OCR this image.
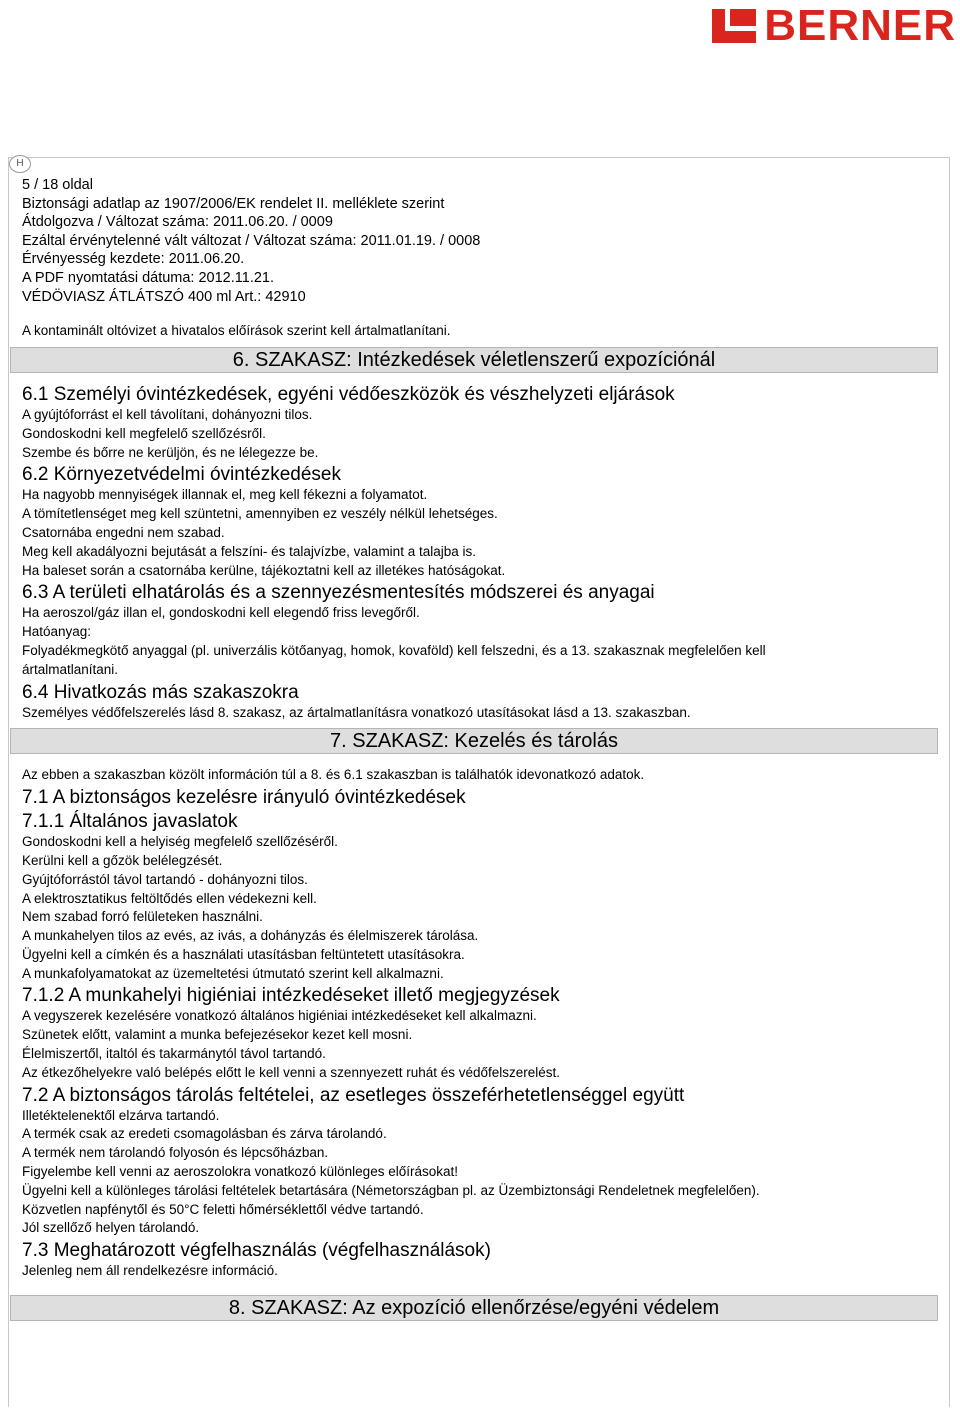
BERNER
H
5 / 18 oldal
Biztonsági adatlap az 1907/2006/EK rendelet II. melléklete szerint
Átdolgozva / Változat száma: 2011.06.20. / 0009
Ezáltal érvénytelenné vált változat / Változat száma: 2011.01.19. / 0008
Érvényesség kezdete: 2011.06.20.
A PDF nyomtatási dátuma: 2012.11.21.
VÉDÖVIASZ ÁTLÁTSZÓ 400 ml Art.: 42910
A kontaminált oltóvizet a hivatalos előírások szerint kell ártalmatlanítani.
6. SZAKASZ: Intézkedések véletlenszerű expozíciónál
6.1 Személyi óvintézkedések, egyéni védőeszközök és vészhelyzeti eljárások
A gyújtóforrást el kell távolítani, dohányozni tilos.
Gondoskodni kell megfelelő szellőzésről.
Szembe és bőrre ne kerüljön, és ne lélegezze be.
6.2 Környezetvédelmi óvintézkedések
Ha nagyobb mennyiségek illannak el, meg kell fékezni a folyamatot.
A tömítetlenséget meg kell szüntetni, amennyiben ez veszély nélkül lehetséges.
Csatornába engedni nem szabad.
Meg kell akadályozni bejutását a felszíni- és talajvízbe, valamint a talajba is.
Ha baleset során a csatornába kerülne, tájékoztatni kell az illetékes hatóságokat.
6.3 A területi elhatárolás és a szennyezésmentesítés módszerei és anyagai
Ha aeroszol/gáz illan el, gondoskodni kell elegendő friss levegőről.
Hatóanyag:
Folyadékmegkötő anyaggal (pl. univerzális kötőanyag, homok, kovaföld) kell felszedni, és a 13. szakasznak megfelelően kell
ártalmatlanítani.
6.4 Hivatkozás más szakaszokra
Személyes védőfelszerelés lásd 8. szakasz, az ártalmatlanításra vonatkozó utasításokat lásd a 13. szakaszban.
7. SZAKASZ: Kezelés és tárolás
Az ebben a szakaszban közölt információn túl a 8. és 6.1 szakaszban is találhatók idevonatkozó adatok.
7.1 A biztonságos kezelésre irányuló óvintézkedések
7.1.1 Általános javaslatok
Gondoskodni kell a helyiség megfelelő szellőzéséről.
Kerülni kell a gőzök belélegzését.
Gyújtóforrástól távol tartandó - dohányozni tilos.
A elektrosztatikus feltöltődés ellen védekezni kell.
Nem szabad forró felületeken használni.
A munkahelyen tilos az evés, az ivás, a dohányzás és élelmiszerek tárolása.
Ügyelni kell a címkén és a használati utasításban feltüntetett utasításokra.
A munkafolyamatokat az üzemeltetési útmutató szerint kell alkalmazni.
7.1.2 A munkahelyi higiéniai intézkedéseket illető megjegyzések
A vegyszerek kezelésére vonatkozó általános higiéniai intézkedéseket kell alkalmazni.
Szünetek előtt, valamint a munka befejezésekor kezet kell mosni.
Élelmiszertől, italtól és takarmánytól távol tartandó.
Az étkezőhelyekre való belépés előtt le kell venni a szennyezett ruhát és védőfelszerelést.
7.2 A biztonságos tárolás feltételei, az esetleges összeférhetetlenséggel együtt
Illetéktelenektől elzárva tartandó.
A termék csak az eredeti csomagolásban és zárva tárolandó.
A termék nem tárolandó folyosón és lépcsőházban.
Figyelembe kell venni az aeroszolokra vonatkozó különleges előírásokat!
Ügyelni kell a különleges tárolási feltételek betartására (Németországban pl. az Üzembiztonsági Rendeletnek megfelelően).
Közvetlen napfénytől és 50°C feletti hőmérséklettől védve tartandó.
Jól szellőző helyen tárolandó.
7.3 Meghatározott végfelhasználás (végfelhasználások)
Jelenleg nem áll rendelkezésre információ.
8. SZAKASZ: Az expozíció ellenőrzése/egyéni védelem
